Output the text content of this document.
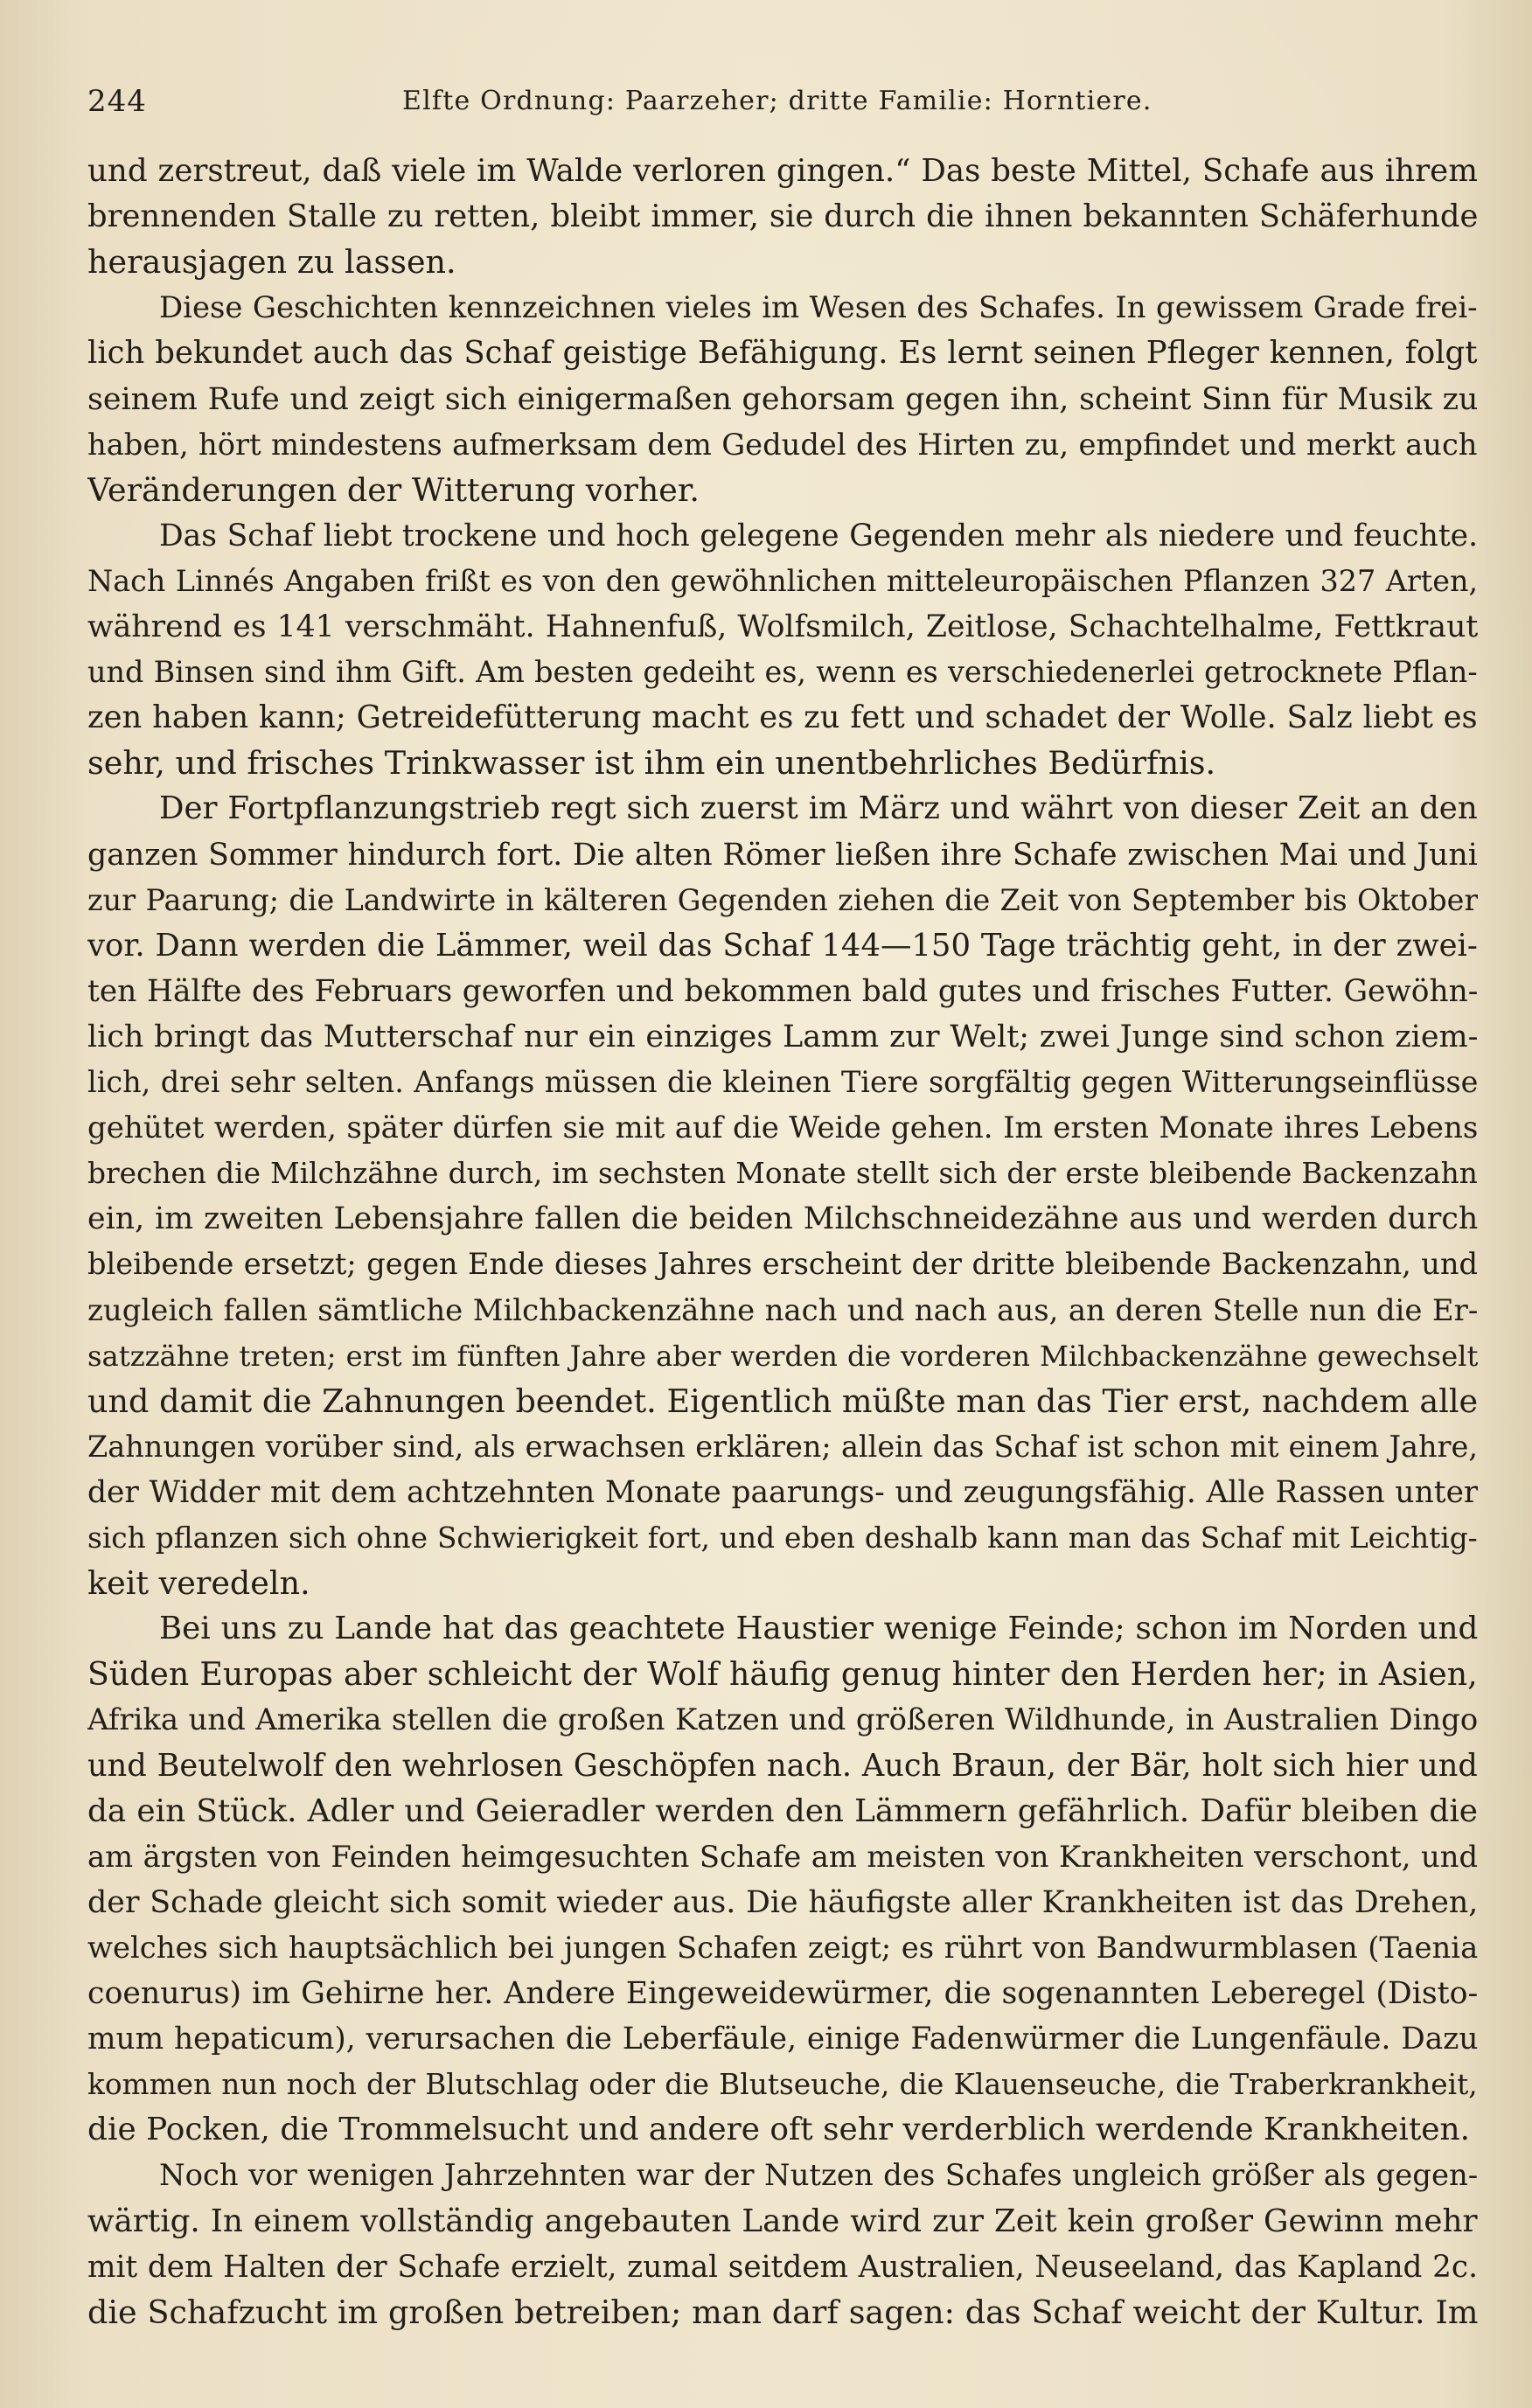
244	Elfte Ordnung: Paarzeher; dritte Familie: Horntiere.
und zerstreut, daß viele im Walde verloren gingen.“ Das beste Mittel, Schafe aus ihrem
brennenden Stalle zu retten, bleibt immer, sie durch die ihnen bekannten Schäferhunde
herausjagen zu lassen.
Diese Geschichten kennzeichnen vieles im Wesen des Schafes. In gewissem Grade frei-
lich bekundet auch das Schaf geistige Befähigung. Es lernt seinen Pfleger kennen, folgt
seinem Rufe und zeigt sich einigermaßen gehorsam gegen ihn, scheint Sinn für Musik zu
haben, hört mindestens aufmerksam dem Gedudel des Hirten zu, empfindet und merkt auch
Veränderungen der Witterung vorher.
Das Schaf liebt trockene und hoch gelegene Gegenden mehr als niedere und feuchte.
Nach Linnés Angaben frißt es von den gewöhnlichen mitteleuropäischen Pflanzen 327 Arten,
während es 141 verschmäht. Hahnenfuß, Wolfsmilch, Zeitlose, Schachtelhalme, Fettkraut
und Binsen sind ihm Gift. Am besten gedeiht es, wenn es verschiedenerlei getrocknete Pflan-
zen haben kann; Getreidefütterung macht es zu fett und schadet der Wolle. Salz liebt es
sehr, und frisches Trinkwasser ist ihm ein unentbehrliches Bedürfnis.
Der Fortpflanzungstrieb regt sich zuerst im März und währt von dieser Zeit an den
ganzen Sommer hindurch fort. Die alten Römer ließen ihre Schafe zwischen Mai und Juni
zur Paarung; die Landwirte in kälteren Gegenden ziehen die Zeit von September bis Oktober
vor. Dann werden die Lämmer, weil das Schaf 144—150 Tage trächtig geht, in der zwei-
ten Hälfte des Februars geworfen und bekommen bald gutes und frisches Futter. Gewöhn-
lich bringt das Mutterschaf nur ein einziges Lamm zur Welt; zwei Junge sind schon ziem-
lich, drei sehr selten. Anfangs müssen die kleinen Tiere sorgfältig gegen Witterungseinflüsse
gehütet werden, später dürfen sie mit auf die Weide gehen. Im ersten Monate ihres Lebens
brechen die Milchzähne durch, im sechsten Monate stellt sich der erste bleibende Backenzahn
ein, im zweiten Lebensjahre fallen die beiden Milchschneidezähne aus und werden durch
bleibende ersetzt; gegen Ende dieses Jahres erscheint der dritte bleibende Backenzahn, und
zugleich fallen sämtliche Milchbackenzähne nach und nach aus, an deren Stelle nun die Er-
satzzähne treten; erst im fünften Jahre aber werden die vorderen Milchbackenzähne gewechselt
und damit die Zahnungen beendet. Eigentlich müßte man das Tier erst, nachdem alle
Zahnungen vorüber sind, als erwachsen erklären; allein das Schaf ist schon mit einem Jahre,
der Widder mit dem achtzehnten Monate paarungs- und zeugungsfähig. Alle Rassen unter
sich pflanzen sich ohne Schwierigkeit fort, und eben deshalb kann man das Schaf mit Leichtig-
keit veredeln.
Bei uns zu Lande hat das geachtete Haustier wenige Feinde; schon im Norden und
Süden Europas aber schleicht der Wolf häufig genug hinter den Herden her; in Asien,
Afrika und Amerika stellen die großen Katzen und größeren Wildhunde, in Australien Dingo
und Beutelwolf den wehrlosen Geschöpfen nach. Auch Braun, der Bär, holt sich hier und
da ein Stück. Adler und Geieradler werden den Lämmern gefährlich. Dafür bleiben die
am ärgsten von Feinden heimgesuchten Schafe am meisten von Krankheiten verschont, und
der Schade gleicht sich somit wieder aus. Die häufigste aller Krankheiten ist das Drehen,
welches sich hauptsächlich bei jungen Schafen zeigt; es rührt von Bandwurmblasen (Taenia
coenurus) im Gehirne her. Andere Eingeweidewürmer, die sogenannten Leberegel (Disto-
mum hepaticum), verursachen die Leberfäule, einige Fadenwürmer die Lungenfäule. Dazu
kommen nun noch der Blutschlag oder die Blutseuche, die Klauenseuche, die Traberkrankheit,
die Pocken, die Trommelsucht und andere oft sehr verderblich werdende Krankheiten.
Noch vor wenigen Jahrzehnten war der Nutzen des Schafes ungleich größer als gegen-
wärtig. In einem vollständig angebauten Lande wird zur Zeit kein großer Gewinn mehr
mit dem Halten der Schafe erzielt, zumal seitdem Australien, Neuseeland, das Kapland 2c.
die Schafzucht im großen betreiben; man darf sagen: das Schaf weicht der Kultur. Im
